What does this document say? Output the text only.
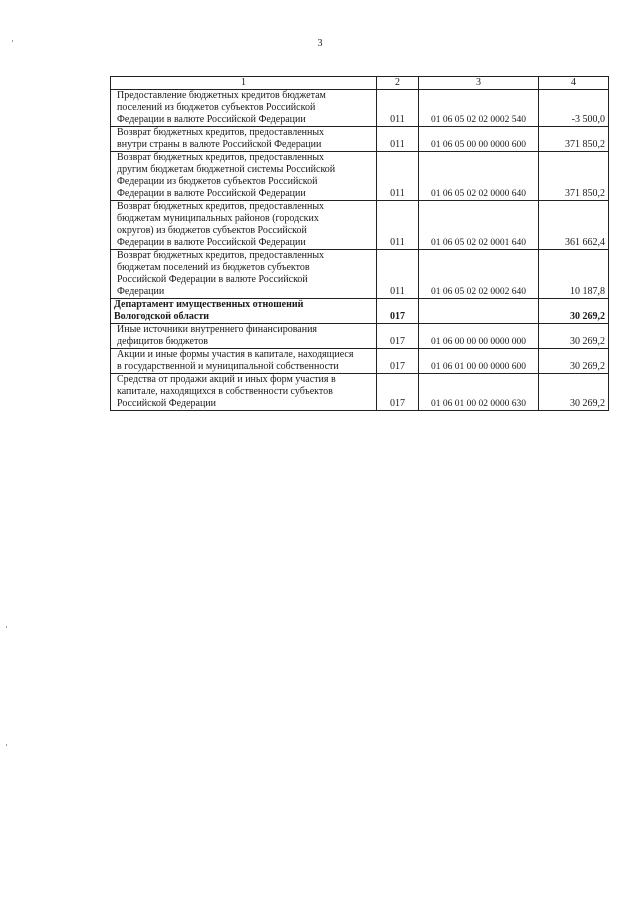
3
1	2	3	4

Предоставление бюджетных кредитов бюджетам
поселений из бюджетов субъектов Российской
Федерации в валюте Российской Федерации	011	01 06 05 02 02 0002 540	-3 500,0

Возврат бюджетных кредитов, предоставленных
внутри страны в валюте Российской Федерации	011	01 06 05 00 00 0000 600	371 850,2

Возврат бюджетных кредитов, предоставленных
другим бюджетам бюджетной системы Российской
Федерации из бюджетов субъектов Российской
Федерации в валюте Российской Федерации	011	01 06 05 02 02 0000 640	371 850,2

Возврат бюджетных кредитов, предоставленных
бюджетам муниципальных районов (городских
округов) из бюджетов субъектов Российской
Федерации в валюте Российской Федерации	011	01 06 05 02 02 0001 640	361 662,4

Возврат бюджетных кредитов, предоставленных
бюджетам поселений из бюджетов субъектов
Российской Федерации в валюте Российской
Федерации	011	01 06 05 02 02 0002 640	10 187,8

Департамент имущественных отношений
Вологодской области	017		30 269,2

Иные источники внутреннего финансирования
дефицитов бюджетов	017	01 06 00 00 00 0000 000	30 269,2

Акции и иные формы участия в капитале, находящиеся
в государственной и муниципальной собственности	017	01 06 01 00 00 0000 600	30 269,2

Средства от продажи акций и иных форм участия в
капитале, находящихся в собственности субъектов
Российской Федерации	017	01 06 01 00 02 0000 630	30 269,2
